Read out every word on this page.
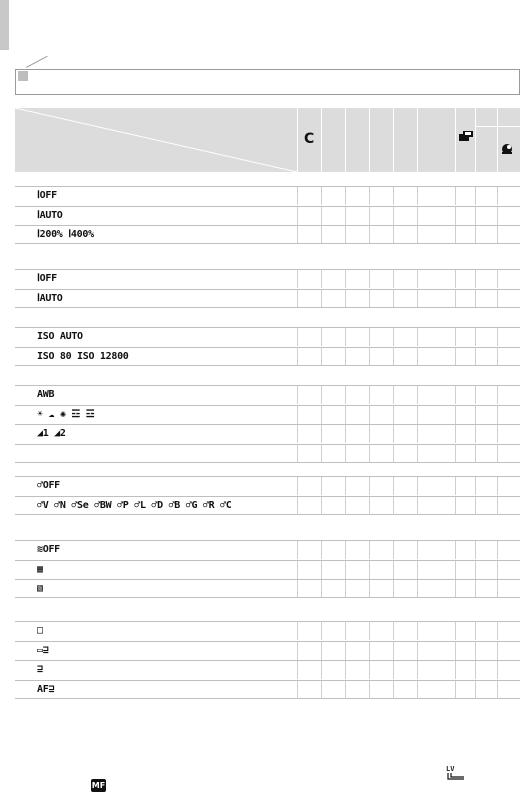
C
ⅠOFF
ⅠAUTO
Ⅰ200% Ⅰ400%
ⅠOFF
ⅠAUTO
ISO AUTO
ISO 80 ISO 12800
AWB
☀ ☁ ✺ ☲ ☲
◢1 ◢2
♂OFF
♂V ♂N ♂Se ♂BW ♂P ♂L ♂D ♂B ♂G ♂R ♂C
≋OFF
▦
▧
□
▭⊒
⊒
AF⊒
LV
MF
